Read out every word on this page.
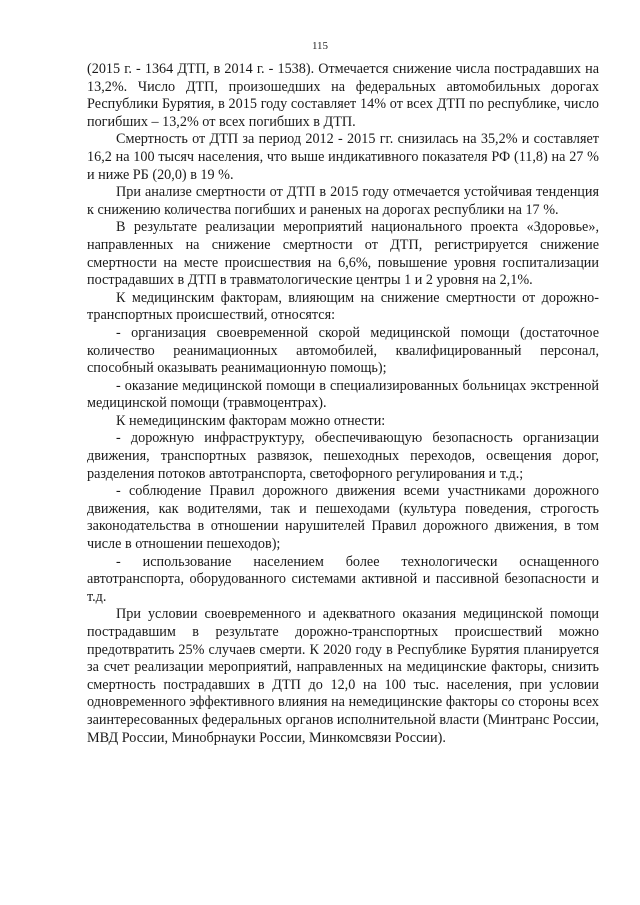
115

(2015 г. - 1364 ДТП, в 2014 г. - 1538). Отмечается снижение числа пострадавших на 13,2%. Число ДТП, произошедших на федеральных автомобильных дорогах Республики Бурятия, в 2015 году составляет 14% от всех ДТП по республике, число погибших – 13,2% от всех погибших в ДТП.

Смертность от ДТП за период 2012 - 2015 гг. снизилась на 35,2% и составляет 16,2 на 100 тысяч населения, что выше индикативного показателя РФ (11,8) на 27 % и ниже РБ (20,0) в 19 %.

При анализе смертности от ДТП в 2015 году отмечается устойчивая тенденция к снижению количества погибших и раненых на дорогах республики на 17 %.

В результате реализации мероприятий национального проекта «Здоровье», направленных на снижение смертности от ДТП, регистрируется снижение смертности на месте происшествия на 6,6%, повышение уровня госпитализации пострадавших в ДТП в травматологические центры 1 и 2 уровня на 2,1%.

К медицинским факторам, влияющим на снижение смертности от дорожно-транспортных происшествий, относятся:

- организация своевременной скорой медицинской помощи (достаточное количество реанимационных автомобилей, квалифицированный персонал, способный оказывать реанимационную помощь);

- оказание медицинской помощи в специализированных больницах экстренной медицинской помощи (травмоцентрах).

К немедицинским факторам можно отнести:

- дорожную инфраструктуру, обеспечивающую безопасность организации движения, транспортных развязок, пешеходных переходов, освещения дорог, разделения потоков автотранспорта, светофорного регулирования и т.д.;

- соблюдение Правил дорожного движения всеми участниками дорожного движения, как водителями, так и пешеходами (культура поведения, строгость законодательства в отношении нарушителей Правил дорожного движения, в том числе в отношении пешеходов);

- использование населением более технологически оснащенного автотранспорта, оборудованного системами активной и пассивной безопасности и т.д.

При условии своевременного и адекватного оказания медицинской помощи пострадавшим в результате дорожно-транспортных происшествий можно предотвратить 25% случаев смерти. К 2020 году в Республике Бурятия планируется за счет реализации мероприятий, направленных на медицинские факторы, снизить смертность пострадавших в ДТП до 12,0 на 100 тыс. населения, при условии одновременного эффективного влияния на немедицинские факторы со стороны всех заинтересованных федеральных органов исполнительной власти (Минтранс России, МВД России, Минобрнауки России, Минкомсвязи России).
